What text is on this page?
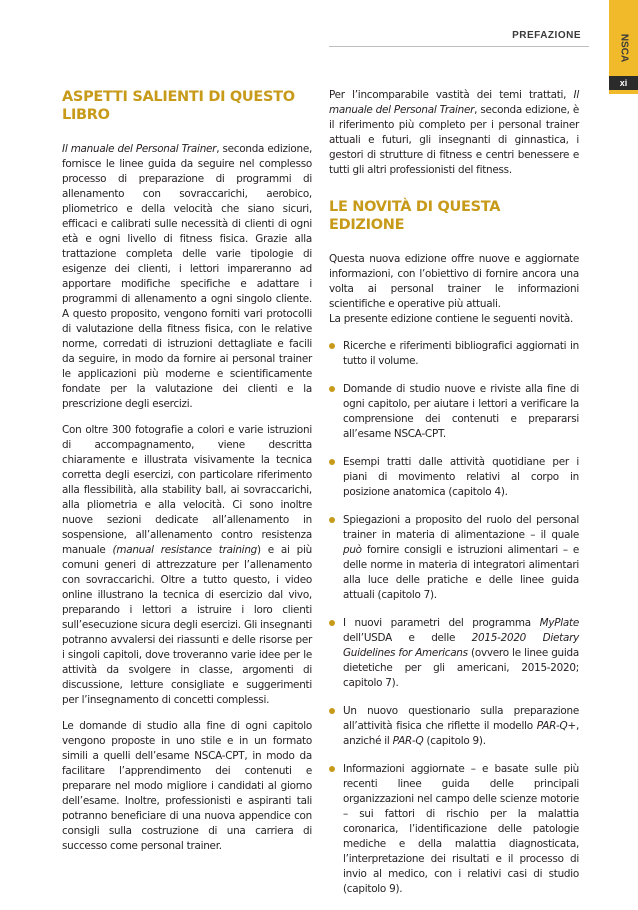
NSCA
xi
PREFAZIONE
ASPETTI SALIENTI DI QUESTO LIBRO

Il manuale del Personal Trainer, seconda edizione, fornisce le linee guida da seguire nel complesso processo di preparazione di programmi di allenamento con sovraccarichi, aerobico, pliometrico e della velocità che siano sicuri, efficaci e calibrati sulle necessità di clienti di ogni età e ogni livello di fitness fisica. Grazie alla trattazione completa delle varie tipologie di esigenze dei clienti, i lettori impareranno ad apportare modifiche specifiche e adattare i programmi di allenamento a ogni singolo cliente. A questo proposito, vengono forniti vari protocolli di valutazione della fitness fisica, con le relative norme, corredati di istruzioni dettagliate e facili da seguire, in modo da fornire ai personal trainer le applicazioni più moderne e scientificamente fondate per la valutazione dei clienti e la prescrizione degli esercizi.

Con oltre 300 fotografie a colori e varie istruzioni di accompagnamento, viene descritta chiaramente e illustrata visivamente la tecnica corretta degli esercizi, con particolare riferimento alla flessibilità, alla stability ball, ai sovraccarichi, alla pliometria e alla velocità. Ci sono inoltre nuove sezioni dedicate all’allenamento in sospensione, all’allenamento contro resistenza manuale (manual resistance training) e ai più comuni generi di attrezzature per l’allenamento con sovraccarichi. Oltre a tutto questo, i video online illustrano la tecnica di esercizio dal vivo, preparando i lettori a istruire i loro clienti sull’esecuzione sicura degli esercizi. Gli insegnanti potranno avvalersi dei riassunti e delle risorse per i singoli capitoli, dove troveranno varie idee per le attività da svolgere in classe, argomenti di discussione, letture consigliate e suggerimenti per l’insegnamento di concetti complessi.

Le domande di studio alla fine di ogni capitolo vengono proposte in uno stile e in un formato simili a quelli dell’esame NSCA-CPT, in modo da facilitare l’apprendimento dei contenuti e preparare nel modo migliore i candidati al giorno dell’esame. Inoltre, professionisti e aspiranti tali potranno beneficiare di una nuova appendice con consigli sulla costruzione di una carriera di successo come personal trainer.

Per l’incomparabile vastità dei temi trattati, Il manuale del Personal Trainer, seconda edizione, è il riferimento più completo per i personal trainer attuali e futuri, gli insegnanti di ginnastica, i gestori di strutture di fitness e centri benessere e tutti gli altri professionisti del fitness.

LE NOVITÀ DI QUESTA EDIZIONE

Questa nuova edizione offre nuove e aggiornate informazioni, con l’obiettivo di fornire ancora una volta ai personal trainer le informazioni scientifiche e operative più attuali.

La presente edizione contiene le seguenti novità.

Ricerche e riferimenti bibliografici aggiornati in tutto il volume.
Domande di studio nuove e riviste alla fine di ogni capitolo, per aiutare i lettori a verificare la comprensione dei contenuti e prepararsi all’esame NSCA-CPT.
Esempi tratti dalle attività quotidiane per i piani di movimento relativi al corpo in posizione anatomica (capitolo 4).
Spiegazioni a proposito del ruolo del personal trainer in materia di alimentazione – il quale può fornire consigli e istruzioni alimentari – e delle norme in materia di integratori alimentari alla luce delle pratiche e delle linee guida attuali (capitolo 7).
I nuovi parametri del programma MyPlate dell’USDA e delle 2015-2020 Dietary Guidelines for Americans (ovvero le linee guida dietetiche per gli americani, 2015-2020; capitolo 7).
Un nuovo questionario sulla preparazione all’attività fisica che riflette il modello PAR-Q+, anziché il PAR-Q (capitolo 9).
Informazioni aggiornate – e basate sulle più recenti linee guida delle principali organizzazioni nel campo delle scienze motorie – sui fattori di rischio per la malattia coronarica, l’identificazione delle patologie mediche e della malattia diagnosticata, l’interpretazione dei risultati e il processo di invio al medico, con i relativi casi di studio (capitolo 9).
